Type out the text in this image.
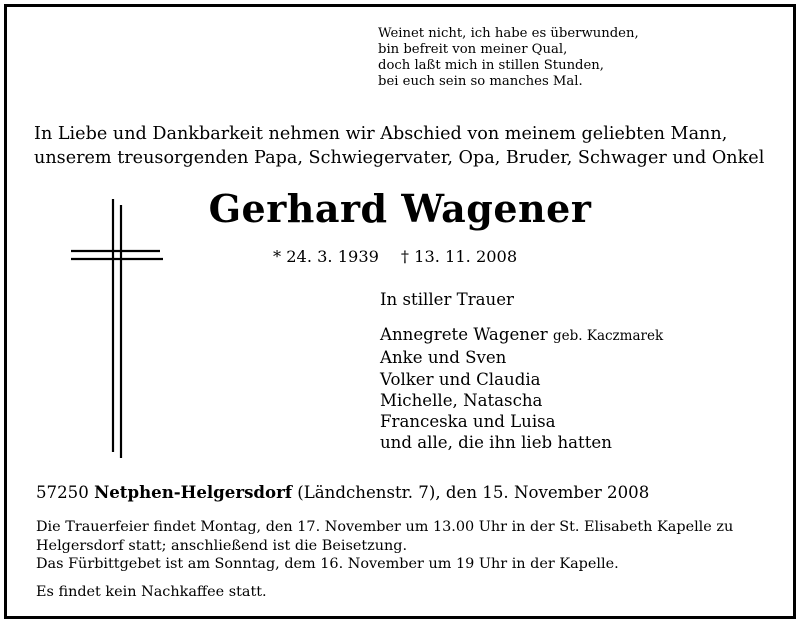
Weinet nicht, ich habe es überwunden,
bin befreit von meiner Qual,
doch laßt mich in stillen Stunden,
bei euch sein so manches Mal.
In Liebe und Dankbarkeit nehmen wir Abschied von meinem geliebten Mann,
unserem treusorgenden Papa, Schwiegervater, Opa, Bruder, Schwager und Onkel
Gerhard Wagener
* 24. 3. 1939 † 13. 11. 2008
In stiller Trauer
Annegrete Wagener geb. Kaczmarek
Anke und Sven
Volker und Claudia
Michelle, Natascha
Franceska und Luisa
und alle, die ihn lieb hatten
57250 Netphen-Helgersdorf (Ländchenstr. 7), den 15. November 2008
Die Trauerfeier findet Montag, den 17. November um 13.00 Uhr in der St. Elisabeth Kapelle zu
Helgersdorf statt; anschließend ist die Beisetzung.
Das Fürbittgebet ist am Sonntag, dem 16. November um 19 Uhr in der Kapelle.
Es findet kein Nachkaffee statt.
